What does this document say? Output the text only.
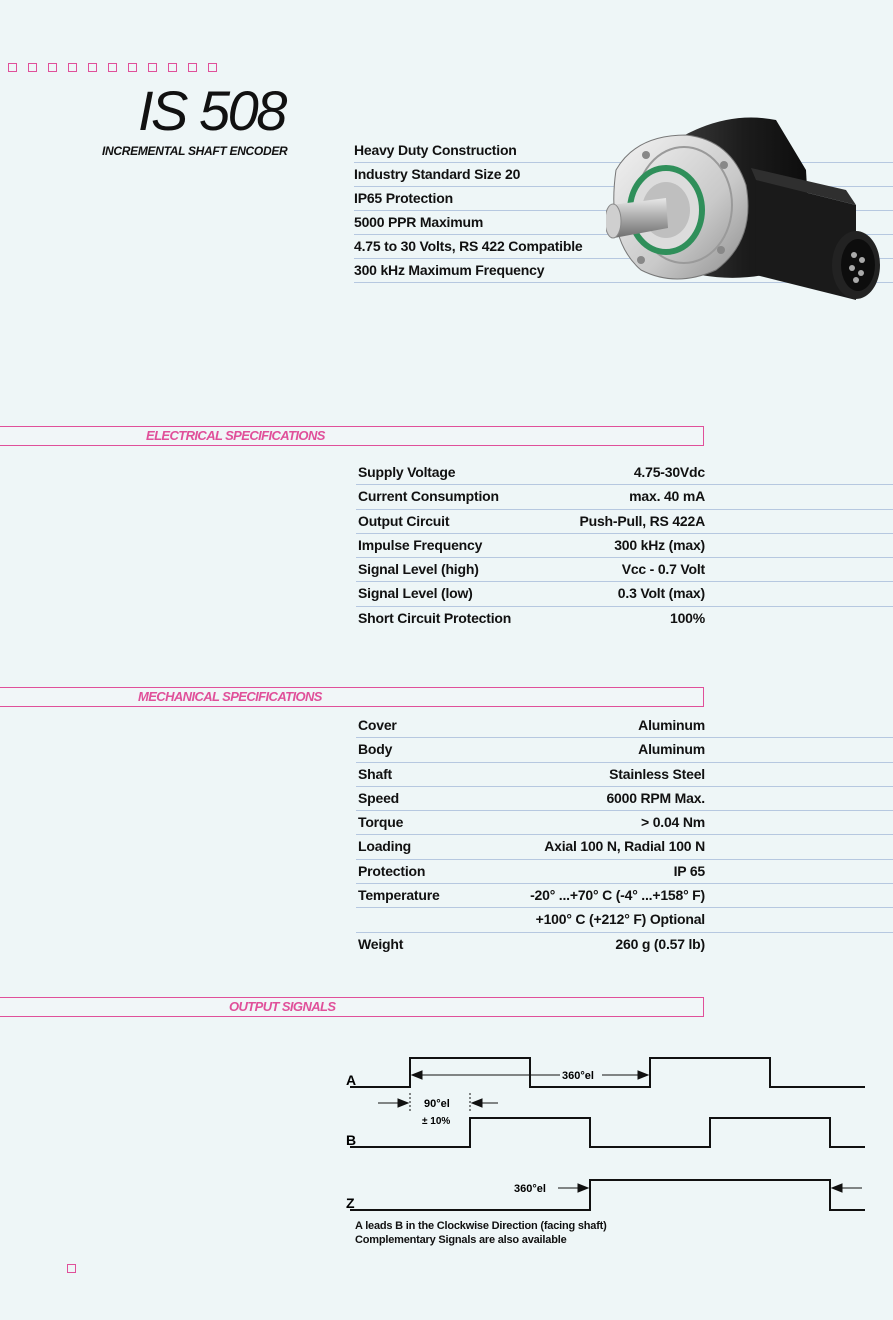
IS 508
INCREMENTAL SHAFT ENCODER	Heavy Duty Construction
Industry Standard Size 20
IP65 Protection
5000 PPR Maximum
4.75 to 30 Volts, RS 422 Compatible
300 kHz Maximum Frequency
ELECTRICAL SPECIFICATIONS
Supply Voltage	4.75-30Vdc
Current Consumption	max. 40 mA
Output Circuit	Push-Pull, RS 422A
Impulse Frequency	300 kHz (max)
Signal Level (high)	Vcc - 0.7 Volt
Signal Level (low)	0.3 Volt (max)
Short Circuit Protection	100%
MECHANICAL SPECIFICATIONS
Cover	Aluminum
Body	Aluminum
Shaft	Stainless Steel
Speed	6000 RPM Max.
Torque	> 0.04 Nm
Loading	Axial 100 N, Radial 100 N
Protection	IP 65
Temperature	-20° ...+70° C (-4° ...+158° F)
+100° C (+212° F) Optional
Weight	260 g (0.57 lb)
OUTPUT SIGNALS
A
B
Z
360°el
90°el
± 10%
360°el
A leads B in the Clockwise Direction (facing shaft)
Complementary Signals are also available
